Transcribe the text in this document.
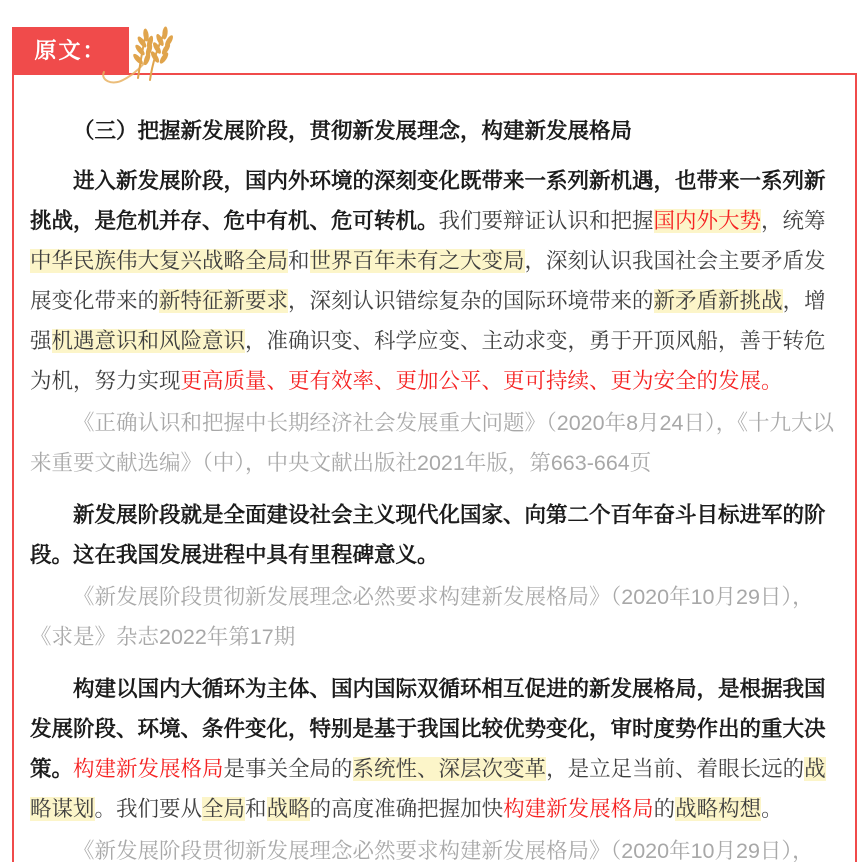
原文：
（三）把握新发展阶段，贯彻新发展理念，构建新发展格局

进入新发展阶段，国内外环境的深刻变化既带来一系列新机遇，也带来一系列新挑战，是危机并存、危中有机、危可转机。我们要辩证认识和把握国内外大势，统筹中华民族伟大复兴战略全局和世界百年未有之大变局，深刻认识我国社会主要矛盾发展变化带来的新特征新要求，深刻认识错综复杂的国际环境带来的新矛盾新挑战，增强机遇意识和风险意识，准确识变、科学应变、主动求变，勇于开顶风船，善于转危为机，努力实现更高质量、更有效率、更加公平、更可持续、更为安全的发展。

《正确认识和把握中长期经济社会发展重大问题》（2020年8月24日），《十九大以来重要文献选编》（中），中央文献出版社2021年版，第663-664页

新发展阶段就是全面建设社会主义现代化国家、向第二个百年奋斗目标进军的阶段。这在我国发展进程中具有里程碑意义。

《新发展阶段贯彻新发展理念必然要求构建新发展格局》（2020年10月29日），《求是》杂志2022年第17期

构建以国内大循环为主体、国内国际双循环相互促进的新发展格局，是根据我国发展阶段、环境、条件变化，特别是基于我国比较优势变化，审时度势作出的重大决策。构建新发展格局是事关全局的系统性、深层次变革，是立足当前、着眼长远的战略谋划。我们要从全局和战略的高度准确把握加快构建新发展格局的战略构想。

《新发展阶段贯彻新发展理念必然要求构建新发展格局》（2020年10月29日），
